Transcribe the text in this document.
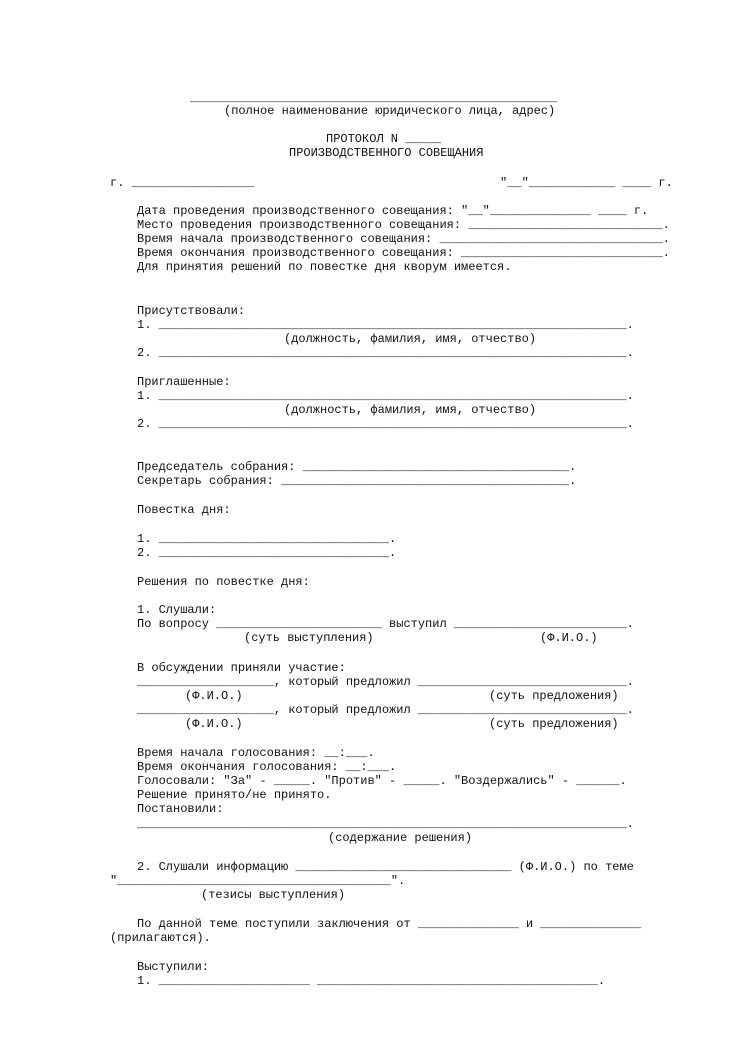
___________________________________________________
(полное наименование юридического лица, адрес)
ПРОТОКОЛ N _____
ПРОИЗВОДСТВЕННОГО СОВЕЩАНИЯ
г. _________________	"__"____________ ____ г.
Дата проведения производственного совещания: "__"______________ ____ г.
Место проведения производственного совещания: ___________________________.
Время начала производственного совещания: _______________________________.
Время окончания производственного совещания: ____________________________.
Для принятия решений по повестке дня кворум имеется.
Присутствовали:
1. _________________________________________________________________.
(должность, фамилия, имя, отчество)
2. _________________________________________________________________.
Приглашенные:
1. _________________________________________________________________.
(должность, фамилия, имя, отчество)
2. _________________________________________________________________.
Председатель собрания: _____________________________________.
Секретарь собрания: ________________________________________.
Повестка дня:
1. ________________________________.
2. ________________________________.
Решения по повестке дня:
1. Слушали:
По вопросу _______________________ выступил ________________________.
(суть выступления)	(Ф.И.О.)
В обсуждении приняли участие:
___________________, который предложил _____________________________.
(Ф.И.О.)	(суть предложения)
___________________, который предложил _____________________________.
(Ф.И.О.)	(суть предложения)
Время начала голосования: __:___.
Время окончания голосования: __:___.
Голосовали: "За" - _____. "Против" - _____. "Воздержались" - ______.
Решение принято/не принято.
Постановили:
____________________________________________________________________.
(содержание решения)
2. Слушали информацию ______________________________ (Ф.И.О.) по теме
"______________________________________".
(тезисы выступления)
По данной теме поступили заключения от ______________ и ______________
(прилагаются).
Выступили:
1. _____________________ _______________________________________.
